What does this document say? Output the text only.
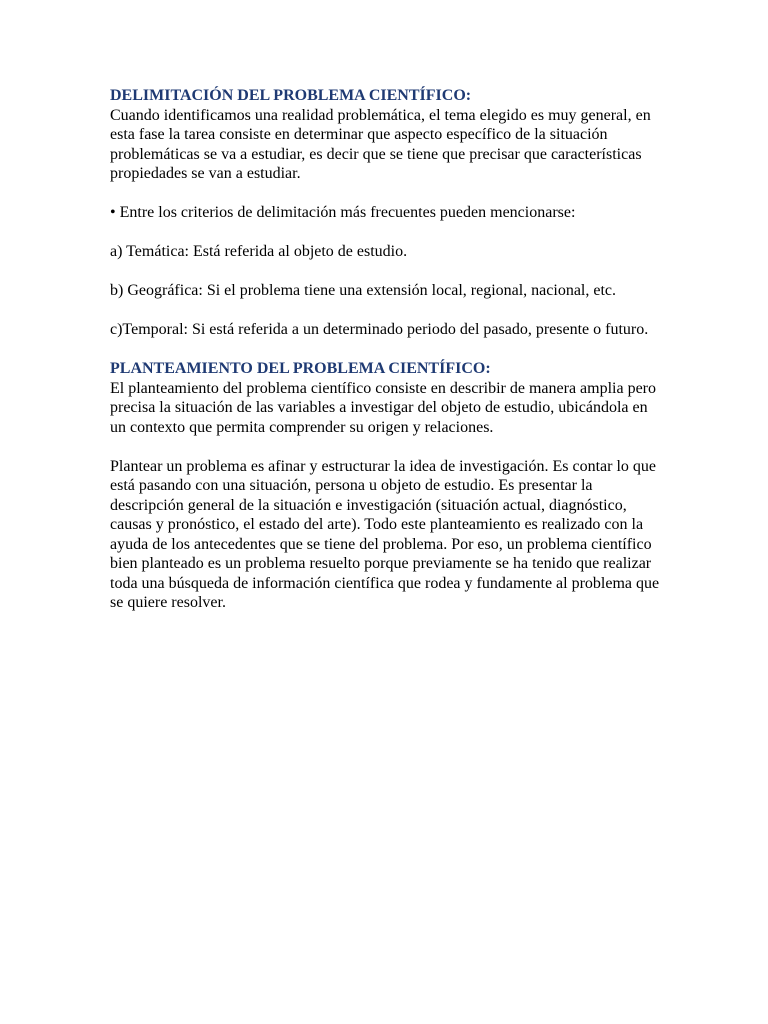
DELIMITACIÓN DEL PROBLEMA CIENTÍFICO:

Cuando identificamos una realidad problemática, el tema elegido es muy general, en esta fase la tarea consiste en determinar que aspecto específico de la situación problemáticas se va a estudiar, es decir que se tiene que precisar que características propiedades se van a estudiar.

• Entre los criterios de delimitación más frecuentes pueden mencionarse:

a) Temática: Está referida al objeto de estudio.

b) Geográfica: Si el problema tiene una extensión local, regional, nacional, etc.

c)Temporal: Si está referida a un determinado periodo del pasado, presente o futuro.

PLANTEAMIENTO DEL PROBLEMA CIENTÍFICO:

El planteamiento del problema científico consiste en describir de manera amplia pero precisa la situación de las variables a investigar del objeto de estudio, ubicándola en un contexto que permita comprender su origen y relaciones.

Plantear un problema es afinar y estructurar la idea de investigación. Es contar lo que está pasando con una situación, persona u objeto de estudio. Es presentar la descripción general de la situación e investigación (situación actual, diagnóstico, causas y pronóstico, el estado del arte). Todo este planteamiento es realizado con la ayuda de los antecedentes que se tiene del problema. Por eso, un problema científico bien planteado es un problema resuelto porque previamente se ha tenido que realizar toda una búsqueda de información científica que rodea y fundamente al problema que se quiere resolver.
